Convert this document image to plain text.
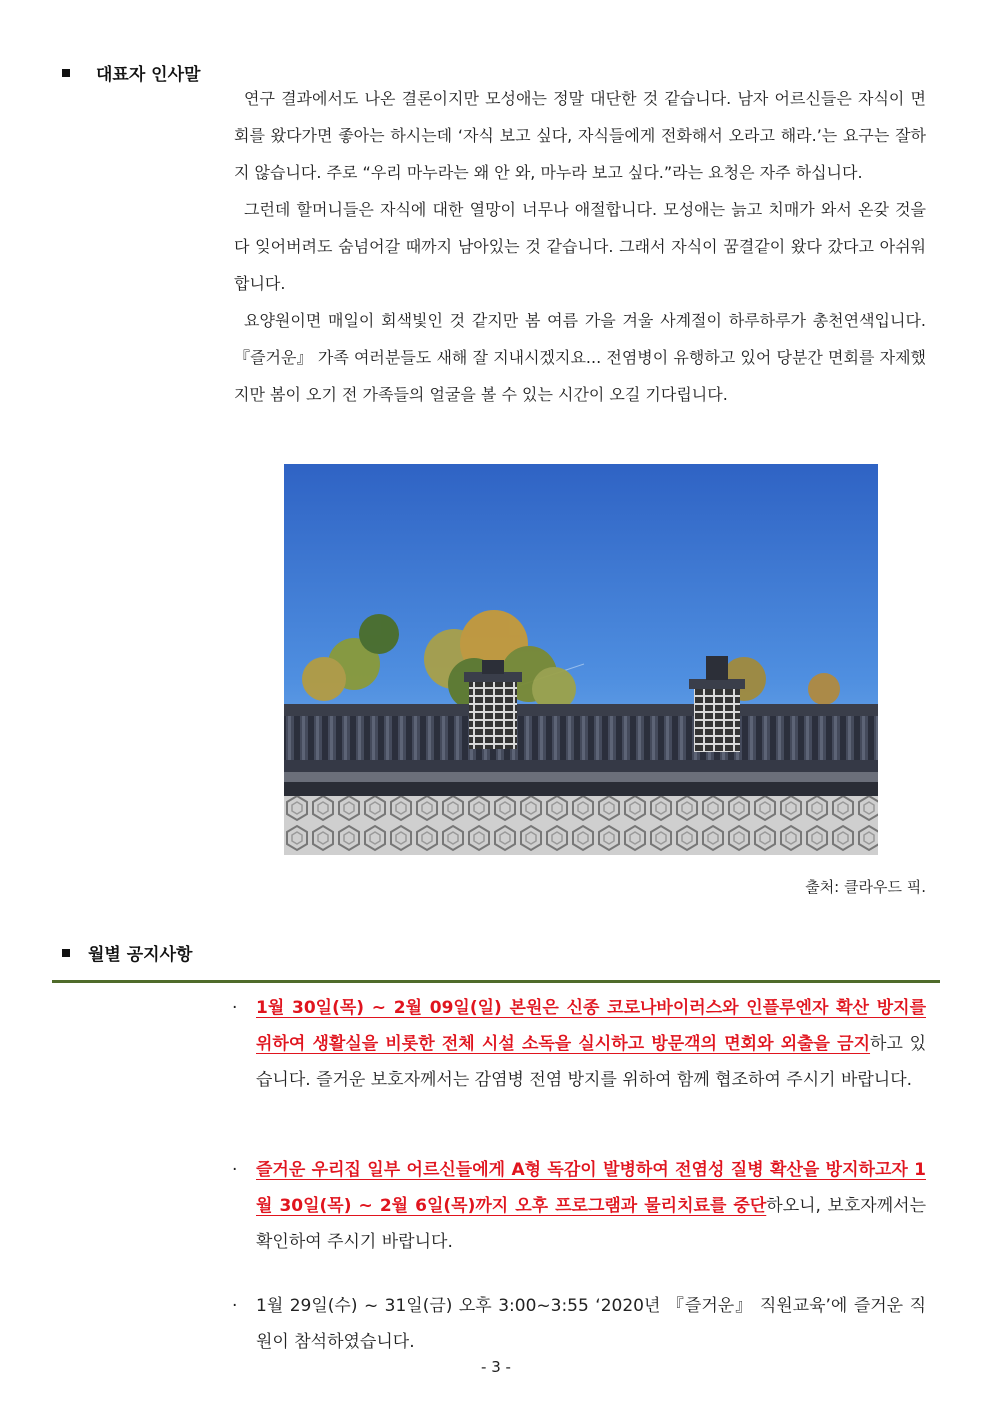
대표자 인사말

연구 결과에서도 나온 결론이지만 모성애는 정말 대단한 것 같습니다. 남자 어르신들은 자식이 면회를 왔다가면 좋아는 하시는데 ‘자식 보고 싶다, 자식들에게 전화해서 오라고 해라.’는 요구는 잘하지 않습니다. 주로 “우리 마누라는 왜 안 와, 마누라 보고 싶다.”라는 요청은 자주 하십니다.

그런데 할머니들은 자식에 대한 열망이 너무나 애절합니다. 모성애는 늙고 치매가 와서 온갖 것을 다 잊어버려도 숨넘어갈 때까지 남아있는 것 같습니다. 그래서 자식이 꿈결같이 왔다 갔다고 아쉬워합니다.

요양원이면 매일이 회색빛인 것 같지만 봄 여름 가을 겨울 사계절이 하루하루가 총천연색입니다. 『즐거운』 가족 여러분들도 새해 잘 지내시겠지요... 전염병이 유행하고 있어 당분간 면회를 자제했지만 봄이 오기 전 가족들의 얼굴을 볼 수 있는 시간이 오길 기다립니다.

출처: 클라우드 픽.
월별 공지사항
·	1월 30일(목) ~ 2월 09일(일) 본원은 신종 코로나바이러스와 인플루엔자 확산 방지를 위하여 생활실을 비롯한 전체 시설 소독을 실시하고 방문객의 면회와 외출을 금지하고 있습니다. 즐거운 보호자께서는 감염병 전염 방지를 위하여 함께 협조하여 주시기 바랍니다.
·	즐거운 우리집 일부 어르신들에게 A형 독감이 발병하여 전염성 질병 확산을 방지하고자 1월 30일(목) ~ 2월 6일(목)까지 오후 프로그램과 물리치료를 중단하오니, 보호자께서는 확인하여 주시기 바랍니다.
·	1월 29일(수) ~ 31일(금) 오후 3:00~3:55 ‘2020년 『즐거운』 직원교육’에 즐거운 직원이 참석하였습니다.
- 3 -
